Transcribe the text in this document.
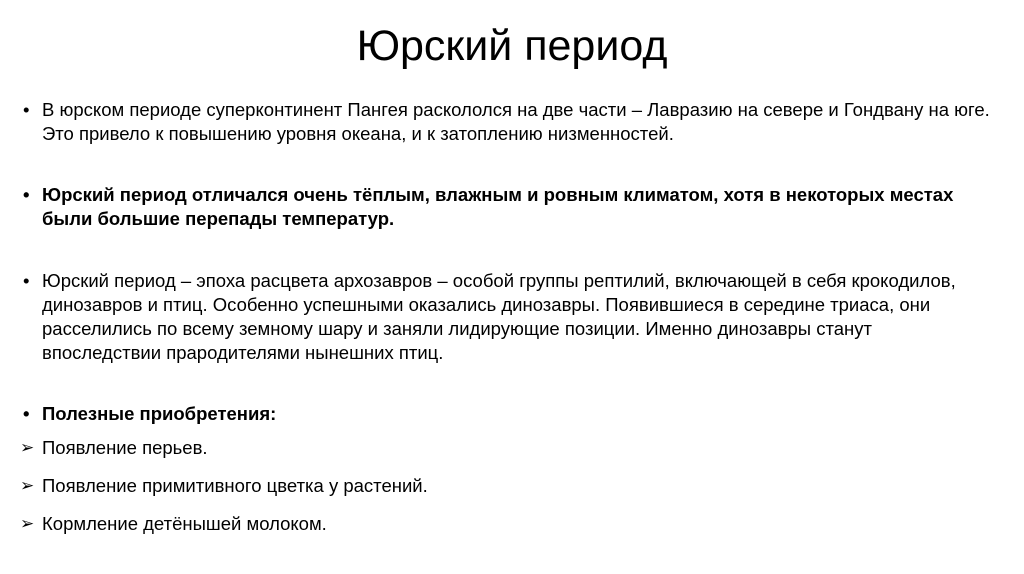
Юрский период
• В юрском периоде суперконтинент Пангея раскололся на две части – Лавразию на севере и Гондвану на юге. Это привело к повышению уровня океана, и к затоплению низменностей.
• Юрский период отличался очень тёплым, влажным и ровным климатом, хотя в некоторых местах были большие перепады температур.
• Юрский период – эпоха расцвета архозавров – особой группы рептилий, включающей в себя крокодилов, динозавров и птиц. Особенно успешными оказались динозавры. Появившиеся в середине триаса, они расселились по всему земному шару и заняли лидирующие позиции. Именно динозавры станут впоследствии прародителями нынешних птиц.
• Полезные приобретения:
➢ Появление перьев.
➢ Появление примитивного цветка у растений.
➢ Кормление детёнышей молоком.
